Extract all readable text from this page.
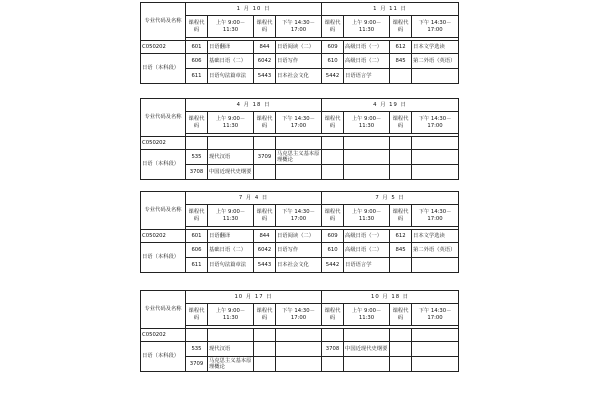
专业代码及名称	1 月 10 日				1 月 11 日			
	课程代码	上午 9:00－11:30	课程代码	下午 14:30－17:00	课程代码	上午 9:00－11:30	课程代码	下午 14:30－17:00

C050202	601	日语翻译	844	日语阅读（二）	609	高级日语（一）	612	日本文学选读
日语（本科段）	606	基础日语（二）	6042	日语写作	610	高级日语（二）	845	第二外语（英语）
	611	日语句法篇章法	5443	日本社会文化	5442	日语语言学		
专业代码及名称	4 月 18 日				4 月 19 日			
	课程代码	上午 9:00－11:30	课程代码	下午 14:30－17:00	课程代码	上午 9:00－11:30	课程代码	下午 14:30－17:00

C050202								
日语（本科段）	535	现代汉语	3709	马克思主义基本原理概论				
	3708	中国近现代史纲要						
专业代码及名称	7 月 4 日				7 月 5 日			
	课程代码	上午 9:00－11:30	课程代码	下午 14:30－17:00	课程代码	上午 9:00－11:30	课程代码	下午 14:30－17:00

C050202	601	日语翻译	844	日语阅读（二）	609	高级日语（一）	612	日本文学选读
日语（本科段）	606	基础日语（二）	6042	日语写作	610	高级日语（二）	845	第二外语（英语）
	611	日语句法篇章法	5443	日本社会文化	5442	日语语言学		
专业代码及名称	10 月 17 日				10 月 18 日			
	课程代码	上午 9:00－11:30	课程代码	下午 14:30－17:00	课程代码	上午 9:00－11:30	课程代码	下午 14:30－17:00

C050202								
日语（本科段）	535	现代汉语			3708	中国近现代史纲要		
	3709	马克思主义基本原理概论						
